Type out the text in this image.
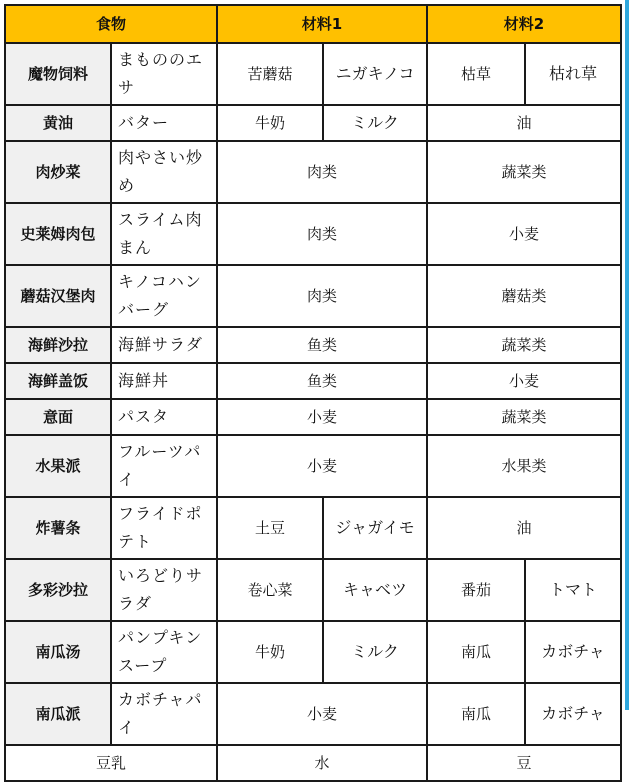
食物		材料1		材料2	
魔物饲料	まもののエサ	苦蘑菇	ニガキノコ	枯草	枯れ草
黄油	バター	牛奶	ミルク	油	
肉炒菜	肉やさい炒め	肉类		蔬菜类	
史莱姆肉包	スライム肉まん	肉类		小麦	
蘑菇汉堡肉	キノコハンバーグ	肉类		蘑菇类	
海鲜沙拉	海鮮サラダ	鱼类		蔬菜类	
海鲜盖饭	海鮮丼	鱼类		小麦	
意面	パスタ	小麦		蔬菜类	
水果派	フルーツパイ	小麦		水果类	
炸薯条	フライドポテト	土豆	ジャガイモ	油	
多彩沙拉	いろどりサラダ	卷心菜	キャベツ	番茄	トマト
南瓜汤	パンプキンスープ	牛奶	ミルク	南瓜	カボチャ
南瓜派	カボチャパイ	小麦		南瓜	カボチャ
豆乳		水		豆	
